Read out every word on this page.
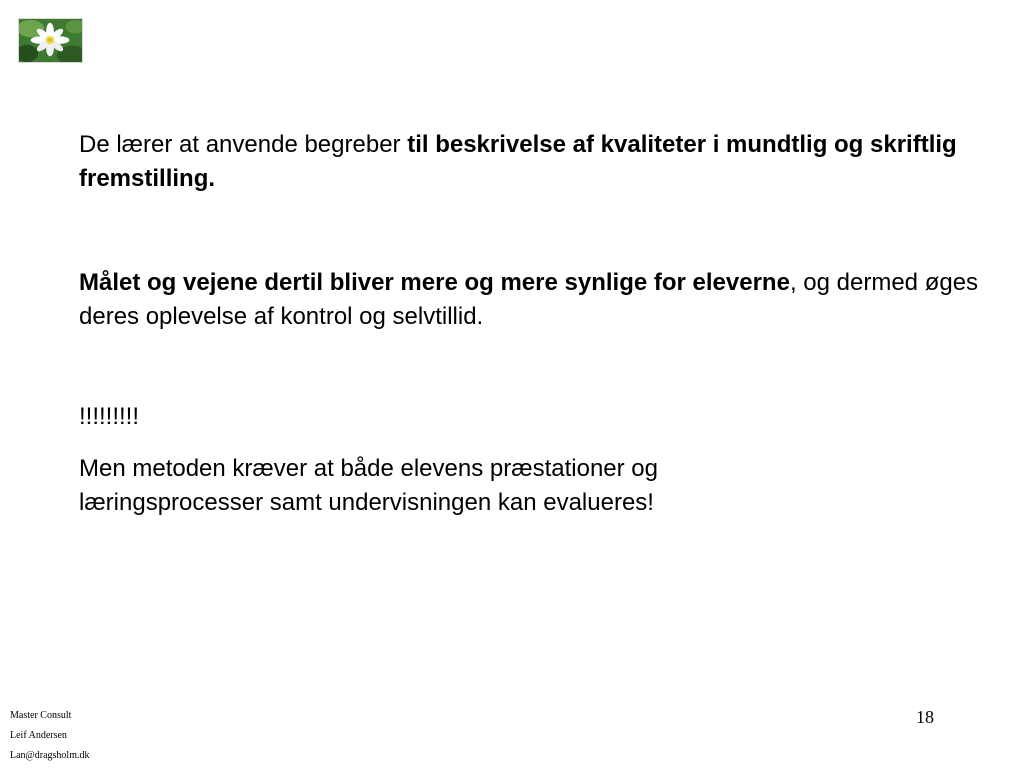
De lærer at anvende begreber til beskrivelse af kvaliteter i mundtlig og skriftlig fremstilling.

Målet og vejene dertil bliver mere og mere synlige for eleverne, og dermed øges deres oplevelse af kontrol og selvtillid.

!!!!!!!!!

Men metoden kræver at både elevens præstationer og læringsprocesser samt undervisningen kan evalueres!

Master Consult
Leif Andersen
Lan@dragsholm.dk
18
